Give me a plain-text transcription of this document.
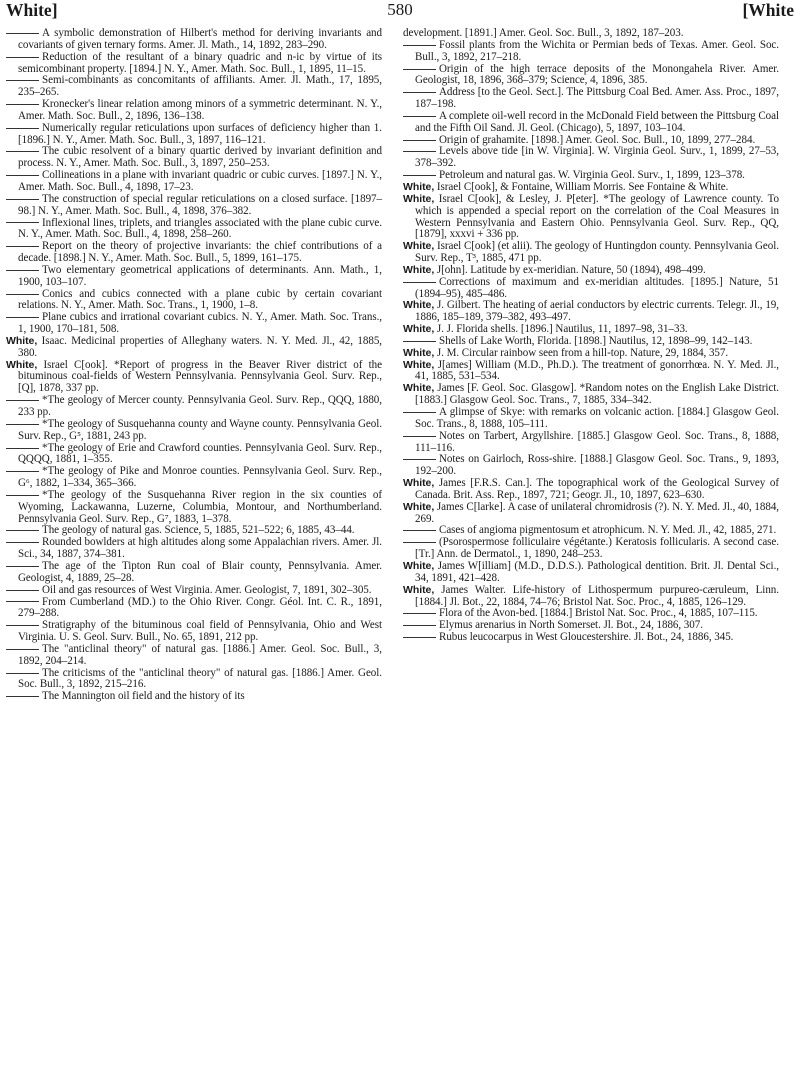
White]	580	[White

A symbolic demonstration of Hilbert's method for deriving invariants and covariants of given ternary forms. Amer. Jl. Math., 14, 1892, 283–290.

Reduction of the resultant of a binary quadric and n-ic by virtue of its semicombinant property. [1894.] N. Y., Amer. Math. Soc. Bull., 1, 1895, 11–15.

Semi-combinants as concomitants of affiliants. Amer. Jl. Math., 17, 1895, 235–265.

Kronecker's linear relation among minors of a symmetric determinant. N. Y., Amer. Math. Soc. Bull., 2, 1896, 136–138.

Numerically regular reticulations upon surfaces of deficiency higher than 1. [1896.] N. Y., Amer. Math. Soc. Bull., 3, 1897, 116–121.

The cubic resolvent of a binary quartic derived by invariant definition and process. N. Y., Amer. Math. Soc. Bull., 3, 1897, 250–253.

Collineations in a plane with invariant quadric or cubic curves. [1897.] N. Y., Amer. Math. Soc. Bull., 4, 1898, 17–23.

The construction of special regular reticulations on a closed surface. [1897–98.] N. Y., Amer. Math. Soc. Bull., 4, 1898, 376–382.

Inflexional lines, triplets, and triangles associated with the plane cubic curve. N. Y., Amer. Math. Soc. Bull., 4, 1898, 258–260.

Report on the theory of projective invariants: the chief contributions of a decade. [1898.] N. Y., Amer. Math. Soc. Bull., 5, 1899, 161–175.

Two elementary geometrical applications of determinants. Ann. Math., 1, 1900, 103–107.

Conics and cubics connected with a plane cubic by certain covariant relations. N. Y., Amer. Math. Soc. Trans., 1, 1900, 1–8.

Plane cubics and irrational covariant cubics. N. Y., Amer. Math. Soc. Trans., 1, 1900, 170–181, 508.

White, Isaac. Medicinal properties of Alleghany waters. N. Y. Med. Jl., 42, 1885, 380.

White, Israel C[ook]. *Report of progress in the Beaver River district of the bituminous coal-fields of Western Pennsylvania. Pennsylvania Geol. Surv. Rep., [Q], 1878, 337 pp.

*The geology of Mercer county. Pennsylvania Geol. Surv. Rep., QQQ, 1880, 233 pp.

*The geology of Susquehanna county and Wayne county. Pennsylvania Geol. Surv. Rep., G⁵, 1881, 243 pp.

*The geology of Erie and Crawford counties. Pennsylvania Geol. Surv. Rep., QQQQ, 1881, 1–355.

*The geology of Pike and Monroe counties. Pennsylvania Geol. Surv. Rep., G⁶, 1882, 1–334, 365–366.

*The geology of the Susquehanna River region in the six counties of Wyoming, Lackawanna, Luzerne, Columbia, Montour, and Northumberland. Pennsylvania Geol. Surv. Rep., G⁷, 1883, 1–378.

The geology of natural gas. Science, 5, 1885, 521–522; 6, 1885, 43–44.

Rounded bowlders at high altitudes along some Appalachian rivers. Amer. Jl. Sci., 34, 1887, 374–381.

The age of the Tipton Run coal of Blair county, Pennsylvania. Amer. Geologist, 4, 1889, 25–28.

Oil and gas resources of West Virginia. Amer. Geologist, 7, 1891, 302–305.

From Cumberland (MD.) to the Ohio River. Congr. Géol. Int. C. R., 1891, 279–288.

Stratigraphy of the bituminous coal field of Pennsylvania, Ohio and West Virginia. U. S. Geol. Surv. Bull., No. 65, 1891, 212 pp.

The "anticlinal theory" of natural gas. [1886.] Amer. Geol. Soc. Bull., 3, 1892, 204–214.

The criticisms of the "anticlinal theory" of natural gas. [1886.] Amer. Geol. Soc. Bull., 3, 1892, 215–216.

The Mannington oil field and the history of its

development. [1891.] Amer. Geol. Soc. Bull., 3, 1892, 187–203.

Fossil plants from the Wichita or Permian beds of Texas. Amer. Geol. Soc. Bull., 3, 1892, 217–218.

Origin of the high terrace deposits of the Monongahela River. Amer. Geologist, 18, 1896, 368–379; Science, 4, 1896, 385.

Address [to the Geol. Sect.]. The Pittsburg Coal Bed. Amer. Ass. Proc., 1897, 187–198.

A complete oil-well record in the McDonald Field between the Pittsburg Coal and the Fifth Oil Sand. Jl. Geol. (Chicago), 5, 1897, 103–104.

Origin of grahamite. [1898.] Amer. Geol. Soc. Bull., 10, 1899, 277–284.

Levels above tide [in W. Virginia]. W. Virginia Geol. Surv., 1, 1899, 27–53, 378–392.

Petroleum and natural gas. W. Virginia Geol. Surv., 1, 1899, 123–378.

White, Israel C[ook], & Fontaine, William Morris. See Fontaine & White.

White, Israel C[ook], & Lesley, J. P[eter]. *The geology of Lawrence county. To which is appended a special report on the correlation of the Coal Measures in Western Pennsylvania and Eastern Ohio. Pennsylvania Geol. Surv. Rep., QQ, [1879], xxxvi + 336 pp.

White, Israel C[ook] (et alii). The geology of Huntingdon county. Pennsylvania Geol. Surv. Rep., T³, 1885, 471 pp.

White, J[ohn]. Latitude by ex-meridian. Nature, 50 (1894), 498–499.

Corrections of maximum and ex-meridian altitudes. [1895.] Nature, 51 (1894–95), 485–486.

White, J. Gilbert. The heating of aerial conductors by electric currents. Telegr. Jl., 19, 1886, 185–189, 379–382, 493–497.

White, J. J. Florida shells. [1896.] Nautilus, 11, 1897–98, 31–33.

Shells of Lake Worth, Florida. [1898.] Nautilus, 12, 1898–99, 142–143.

White, J. M. Circular rainbow seen from a hill-top. Nature, 29, 1884, 357.

White, J[ames] William (M.D., Ph.D.). The treatment of gonorrhœa. N. Y. Med. Jl., 41, 1885, 531–534.

White, James [F. Geol. Soc. Glasgow]. *Random notes on the English Lake District. [1883.] Glasgow Geol. Soc. Trans., 7, 1885, 334–342.

A glimpse of Skye: with remarks on volcanic action. [1884.] Glasgow Geol. Soc. Trans., 8, 1888, 105–111.

Notes on Tarbert, Argyllshire. [1885.] Glasgow Geol. Soc. Trans., 8, 1888, 111–116.

Notes on Gairloch, Ross-shire. [1888.] Glasgow Geol. Soc. Trans., 9, 1893, 192–200.

White, James [F.R.S. Can.]. The topographical work of the Geological Survey of Canada. Brit. Ass. Rep., 1897, 721; Geogr. Jl., 10, 1897, 623–630.

White, James C[larke]. A case of unilateral chromidrosis (?). N. Y. Med. Jl., 40, 1884, 269.

Cases of angioma pigmentosum et atrophicum. N. Y. Med. Jl., 42, 1885, 271.

(Psorospermose folliculaire végétante.) Keratosis follicularis. A second case. [Tr.] Ann. de Dermatol., 1, 1890, 248–253.

White, James W[illiam] (M.D., D.D.S.). Pathological dentition. Brit. Jl. Dental Sci., 34, 1891, 421–428.

White, James Walter. Life-history of Lithospermum purpureo-cæruleum, Linn. [1884.] Jl. Bot., 22, 1884, 74–76; Bristol Nat. Soc. Proc., 4, 1885, 126–129.

Flora of the Avon-bed. [1884.] Bristol Nat. Soc. Proc., 4, 1885, 107–115.

Elymus arenarius in North Somerset. Jl. Bot., 24, 1886, 307.

Rubus leucocarpus in West Gloucestershire. Jl. Bot., 24, 1886, 345.
